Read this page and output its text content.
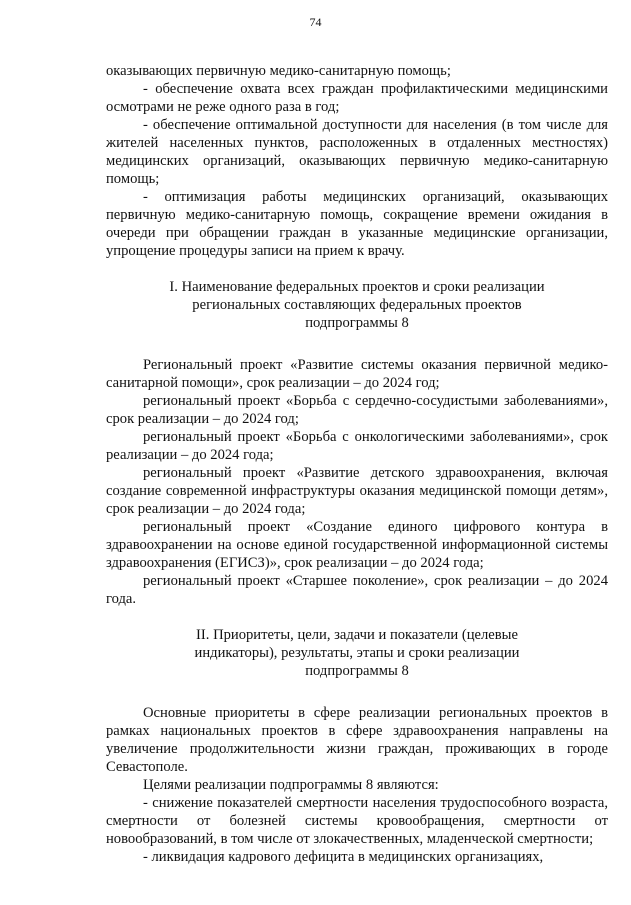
74

оказывающих первичную медико-санитарную помощь;

- обеспечение охвата всех граждан профилактическими медицинскими осмотрами не реже одного раза в год;

- обеспечение оптимальной доступности для населения (в том числе для жителей населенных пунктов, расположенных в отдаленных местностях) медицинских организаций, оказывающих первичную медико-санитарную помощь;

- оптимизация работы медицинских организаций, оказывающих первичную медико-санитарную помощь, сокращение времени ожидания в очереди при обращении граждан в указанные медицинские организации, упрощение процедуры записи на прием к врачу.

I. Наименование федеральных проектов и сроки реализации
региональных составляющих федеральных проектов
подпрограммы 8

Региональный проект «Развитие системы оказания первичной медико-санитарной помощи», срок реализации – до 2024 год;

региональный проект «Борьба с сердечно-сосудистыми заболеваниями», срок реализации – до 2024 год;

региональный проект «Борьба с онкологическими заболеваниями», срок реализации – до 2024 года;

региональный проект «Развитие детского здравоохранения, включая создание современной инфраструктуры оказания медицинской помощи детям», срок реализации – до 2024 года;

региональный проект «Создание единого цифрового контура в здравоохранении на основе единой государственной информационной системы здравоохранения (ЕГИСЗ)», срок реализации – до 2024 года;

региональный проект «Старшее поколение», срок реализации – до 2024 года.

II. Приоритеты, цели, задачи и показатели (целевые
индикаторы), результаты, этапы и сроки реализации
подпрограммы 8

Основные приоритеты в сфере реализации региональных проектов в рамках национальных проектов в сфере здравоохранения направлены на увеличение продолжительности жизни граждан, проживающих в городе Севастополе.

Целями реализации подпрограммы 8 являются:

- снижение показателей смертности населения трудоспособного возраста, смертности от болезней системы кровообращения, смертности от новообразований, в том числе от злокачественных, младенческой смертности;

- ликвидация кадрового дефицита в медицинских организациях,
